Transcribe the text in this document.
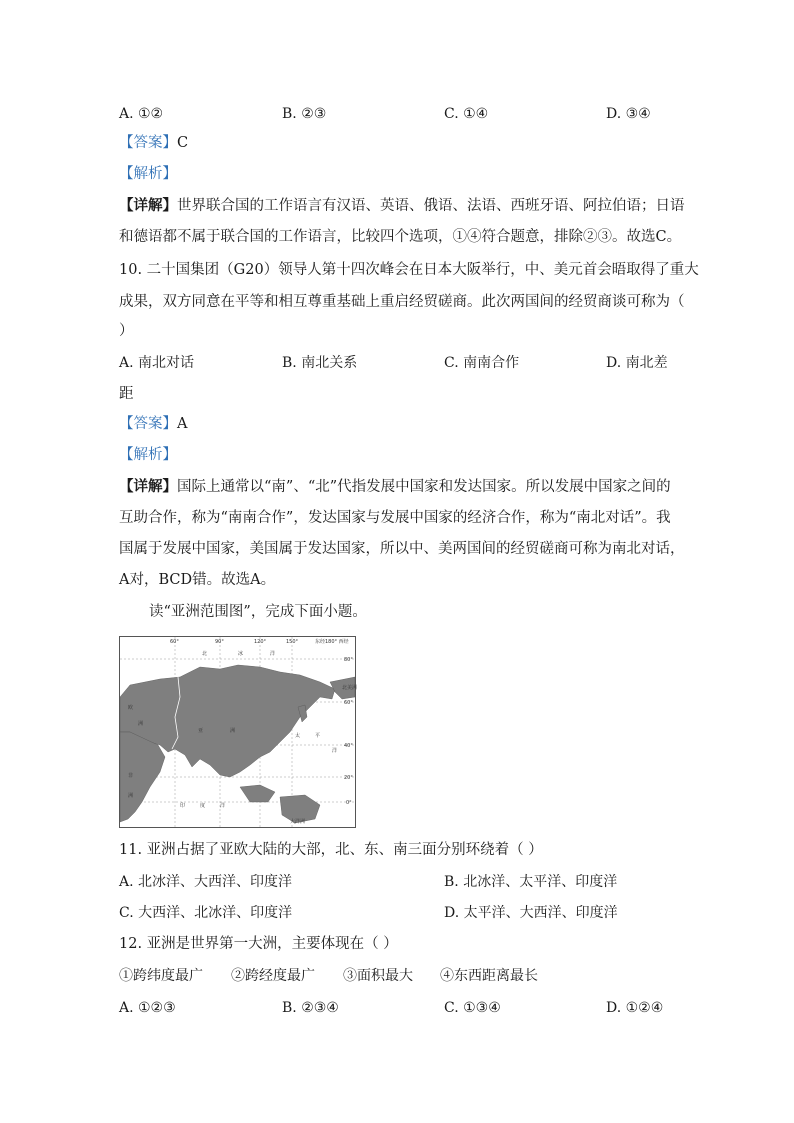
A. ①②	B. ②③	C. ①④	D. ③④
【答案】C
【解析】
【详解】世界联合国的工作语言有汉语、英语、俄语、法语、西班牙语、阿拉伯语；日语
和德语都不属于联合国的工作语言，比较四个选项，①④符合题意，排除②③。故选C。
10. 二十国集团（G20）领导人第十四次峰会在日本大阪举行，中、美元首会晤取得了重大
成果，双方同意在平等和相互尊重基础上重启经贸磋商。此次两国间的经贸商谈可称为（
）
A. 南北对话	B. 南北关系	C. 南南合作	D. 南北差
距
【答案】A
【解析】
【详解】国际上通常以“南”、“北”代指发展中国家和发达国家。所以发展中国家之间的
互助合作，称为“南南合作”，发达国家与发展中国家的经济合作，称为“南北对话”。我
国属于发展中国家，美国属于发达国家，所以中、美两国间的经贸磋商可称为南北对话，
A对，BCD错。故选A。
读“亚洲范围图”，完成下面小题。
60°	90°	120°	150°	东经180° 西经
80°
60°
40°
20°
0°
北	冰	洋
欧
洲
亚	洲
非
洲
太	平
洋
印	度	洋
大洋洲
北美洲
11. 亚洲占据了亚欧大陆的大部，北、东、南三面分别环绕着（ ）
A. 北冰洋、大西洋、印度洋	B. 北冰洋、太平洋、印度洋
C. 大西洋、北冰洋、印度洋	D. 太平洋、大西洋、印度洋
12. 亚洲是世界第一大洲，主要体现在（ ）
①跨纬度最广 ②跨经度最广 ③面积最大 ④东西距离最长
A. ①②③	B. ②③④	C. ①③④	D. ①②④
